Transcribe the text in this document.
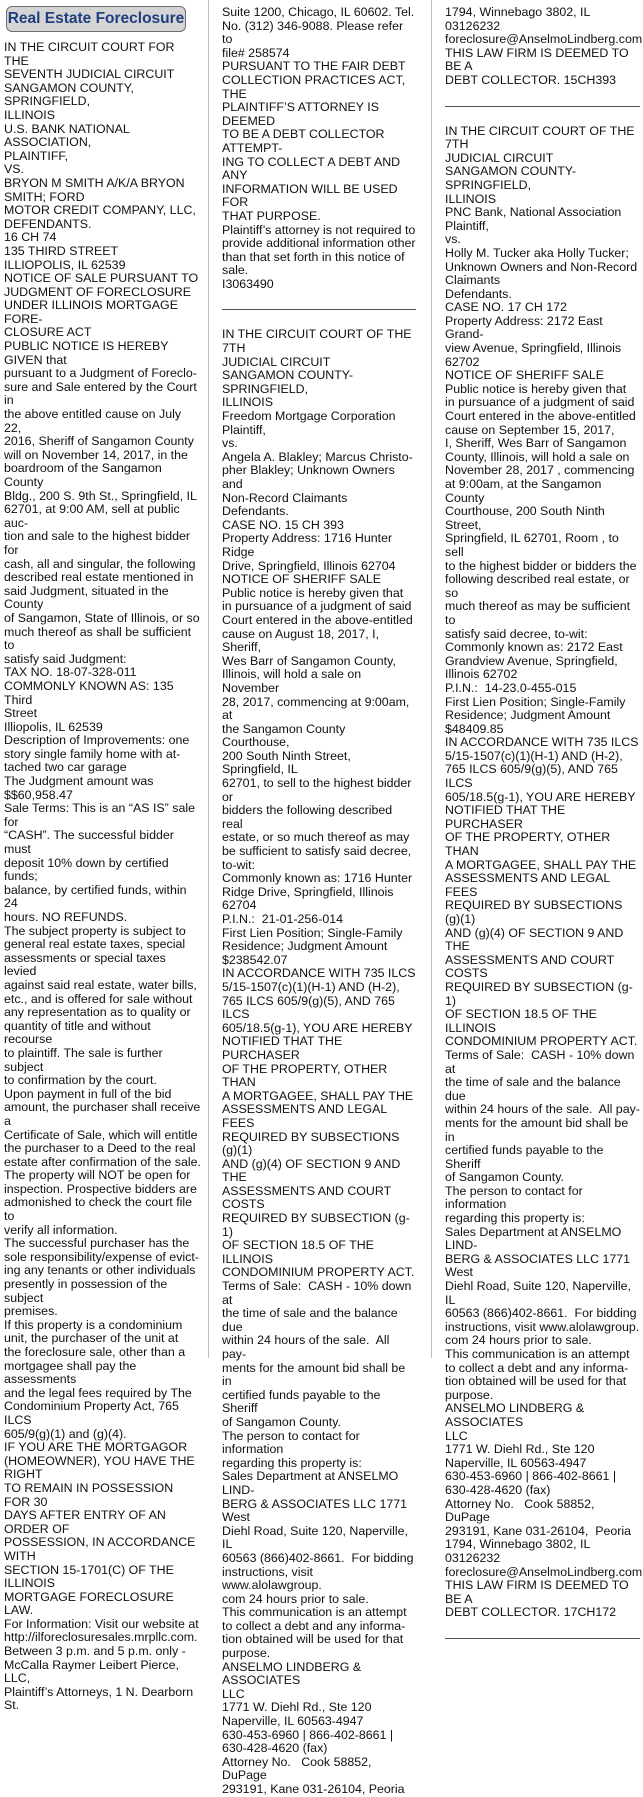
Real Estate Foreclosure
IN THE CIRCUIT COURT FOR THE
SEVENTH JUDICIAL CIRCUIT
SANGAMON COUNTY, SPRINGFIELD,
ILLINOIS
U.S. BANK NATIONAL ASSOCIATION,
PLAINTIFF,
VS.
BRYON M SMITH A/K/A BRYON
SMITH; FORD
MOTOR CREDIT COMPANY, LLC,
DEFENDANTS.
16 CH 74
135 THIRD STREET
ILLIOPOLIS, IL 62539
NOTICE OF SALE PURSUANT TO
JUDGMENT OF FORECLOSURE
UNDER ILLINOIS MORTGAGE FORE-
CLOSURE ACT
PUBLIC NOTICE IS HEREBY GIVEN that
pursuant to a Judgment of Foreclo-
sure and Sale entered by the Court in
the above entitled cause on July 22,
2016, Sheriff of Sangamon County
will on November 14, 2017, in the
boardroom of the Sangamon County
Bldg., 200 S. 9th St., Springfield, IL
62701, at 9:00 AM, sell at public auc-
tion and sale to the highest bidder for
cash, all and singular, the following
described real estate mentioned in
said Judgment, situated in the County
of Sangamon, State of Illinois, or so
much thereof as shall be sufficient to
satisfy said Judgment:
TAX NO. 18-07-328-011
COMMONLY KNOWN AS: 135 Third
Street
Illiopolis, IL 62539
Description of Improvements: one
story single family home with at-
tached two car garage
The Judgment amount was
$$60,958.47
Sale Terms: This is an “AS IS” sale for
“CASH”. The successful bidder must
deposit 10% down by certified funds;
balance, by certified funds, within 24
hours. NO REFUNDS.
The subject property is subject to
general real estate taxes, special
assessments or special taxes levied
against said real estate, water bills,
etc., and is offered for sale without
any representation as to quality or
quantity of title and without recourse
to plaintiff. The sale is further subject
to confirmation by the court.
Upon payment in full of the bid
amount, the purchaser shall receive a
Certificate of Sale, which will entitle
the purchaser to a Deed to the real
estate after confirmation of the sale.
The property will NOT be open for
inspection. Prospective bidders are
admonished to check the court file to
verify all information.
The successful purchaser has the
sole responsibility/expense of evict-
ing any tenants or other individuals
presently in possession of the subject
premises.
If this property is a condominium
unit, the purchaser of the unit at
the foreclosure sale, other than a
mortgagee shall pay the assessments
and the legal fees required by The
Condominium Property Act, 765 ILCS
605/9(g)(1) and (g)(4).
IF YOU ARE THE MORTGAGOR
(HOMEOWNER), YOU HAVE THE RIGHT
TO REMAIN IN POSSESSION FOR 30
DAYS AFTER ENTRY OF AN ORDER OF
POSSESSION, IN ACCORDANCE WITH
SECTION 15-1701(C) OF THE ILLINOIS
MORTGAGE FORECLOSURE LAW.
For Information: Visit our website at
http://ilforeclosuresales.mrpllc.com.
Between 3 p.m. and 5 p.m. only -
McCalla Raymer Leibert Pierce, LLC,
Plaintiff’s Attorneys, 1 N. Dearborn St.
Suite 1200, Chicago, IL 60602. Tel.
No. (312) 346-9088. Please refer to
file# 258574
PURSUANT TO THE FAIR DEBT
COLLECTION PRACTICES ACT, THE
PLAINTIFF’S ATTORNEY IS DEEMED
TO BE A DEBT COLLECTOR ATTEMPT-
ING TO COLLECT A DEBT AND ANY
INFORMATION WILL BE USED FOR
THAT PURPOSE.
Plaintiff’s attorney is not required to
provide additional information other
than that set forth in this notice of
sale.
I3063490
IN THE CIRCUIT COURT OF THE 7TH
JUDICIAL CIRCUIT
SANGAMON COUNTY- SPRINGFIELD,
ILLINOIS
Freedom Mortgage Corporation
Plaintiff,
vs.
Angela A. Blakley; Marcus Christo-
pher Blakley; Unknown Owners and
Non-Record Claimants
Defendants.
CASE NO. 15 CH 393
Property Address: 1716 Hunter Ridge
Drive, Springfield, Illinois 62704
NOTICE OF SHERIFF SALE
Public notice is hereby given that
in pursuance of a judgment of said
Court entered in the above-entitled
cause on August 18, 2017, I, Sheriff,
Wes Barr of Sangamon County,
Illinois, will hold a sale on November
28, 2017, commencing at 9:00am, at
the Sangamon County Courthouse,
200 South Ninth Street, Springfield, IL
62701, to sell to the highest bidder or
bidders the following described real
estate, or so much thereof as may
be sufficient to satisfy said decree,
to-wit:
Commonly known as: 1716 Hunter
Ridge Drive, Springfield, Illinois
62704
P.I.N.:  21-01-256-014
First Lien Position; Single-Family
Residence; Judgment Amount
$238542.07
IN ACCORDANCE WITH 735 ILCS
5/15-1507(c)(1)(H-1) AND (H-2),
765 ILCS 605/9(g)(5), AND 765 ILCS
605/18.5(g-1), YOU ARE HEREBY
NOTIFIED THAT THE PURCHASER
OF THE PROPERTY, OTHER THAN
A MORTGAGEE, SHALL PAY THE
ASSESSMENTS AND LEGAL FEES
REQUIRED BY SUBSECTIONS (g)(1)
AND (g)(4) OF SECTION 9 AND THE
ASSESSMENTS AND COURT COSTS
REQUIRED BY SUBSECTION (g-1)
OF SECTION 18.5 OF THE ILLINOIS
CONDOMINIUM PROPERTY ACT.
Terms of Sale:  CASH - 10% down at
the time of sale and the balance due
within 24 hours of the sale.  All pay-
ments for the amount bid shall be in
certified funds payable to the Sheriff
of Sangamon County.
The person to contact for information
regarding this property is:
Sales Department at ANSELMO LIND-
BERG & ASSOCIATES LLC 1771 West
Diehl Road, Suite 120, Naperville, IL
60563 (866)402-8661.  For bidding
instructions, visit www.alolawgroup.
com 24 hours prior to sale.
This communication is an attempt
to collect a debt and any informa-
tion obtained will be used for that
purpose.
ANSELMO LINDBERG & ASSOCIATES
LLC
1771 W. Diehl Rd., Ste 120
Naperville, IL 60563-4947
630-453-6960 | 866-402-8661 |
630-428-4620 (fax)
Attorney No.   Cook 58852, DuPage
293191, Kane 031-26104, Peoria
1794, Winnebago 3802, IL 03126232
foreclosure@AnselmoLindberg.com
THIS LAW FIRM IS DEEMED TO BE A
DEBT COLLECTOR. 15CH393
IN THE CIRCUIT COURT OF THE 7TH
JUDICIAL CIRCUIT
SANGAMON COUNTY- SPRINGFIELD,
ILLINOIS
PNC Bank, National Association
Plaintiff,
vs.
Holly M. Tucker aka Holly Tucker;
Unknown Owners and Non-Record
Claimants
Defendants.
CASE NO. 17 CH 172
Property Address: 2172 East Grand-
view Avenue, Springfield, Illinois
62702
NOTICE OF SHERIFF SALE
Public notice is hereby given that
in pursuance of a judgment of said
Court entered in the above-entitled
cause on September 15, 2017,
I, Sheriff, Wes Barr of Sangamon
County, Illinois, will hold a sale on
November 28, 2017 , commencing
at 9:00am, at the Sangamon County
Courthouse, 200 South Ninth Street,
Springfield, IL 62701, Room , to sell
to the highest bidder or bidders the
following described real estate, or so
much thereof as may be sufficient to
satisfy said decree, to-wit:
Commonly known as: 2172 East
Grandview Avenue, Springfield,
Illinois 62702
P.I.N.:  14-23.0-455-015
First Lien Position; Single-Family
Residence; Judgment Amount
$48409.85
IN ACCORDANCE WITH 735 ILCS
5/15-1507(c)(1)(H-1) AND (H-2),
765 ILCS 605/9(g)(5), AND 765 ILCS
605/18.5(g-1), YOU ARE HEREBY
NOTIFIED THAT THE PURCHASER
OF THE PROPERTY, OTHER THAN
A MORTGAGEE, SHALL PAY THE
ASSESSMENTS AND LEGAL FEES
REQUIRED BY SUBSECTIONS (g)(1)
AND (g)(4) OF SECTION 9 AND THE
ASSESSMENTS AND COURT COSTS
REQUIRED BY SUBSECTION (g-1)
OF SECTION 18.5 OF THE ILLINOIS
CONDOMINIUM PROPERTY ACT.
Terms of Sale:  CASH - 10% down at
the time of sale and the balance due
within 24 hours of the sale.  All pay-
ments for the amount bid shall be in
certified funds payable to the Sheriff
of Sangamon County.
The person to contact for information
regarding this property is:
Sales Department at ANSELMO LIND-
BERG & ASSOCIATES LLC 1771 West
Diehl Road, Suite 120, Naperville, IL
60563 (866)402-8661.  For bidding
instructions, visit www.alolawgroup.
com 24 hours prior to sale.
This communication is an attempt
to collect a debt and any informa-
tion obtained will be used for that
purpose.
ANSELMO LINDBERG & ASSOCIATES
LLC
1771 W. Diehl Rd., Ste 120
Naperville, IL 60563-4947
630-453-6960 | 866-402-8661 |
630-428-4620 (fax)
Attorney No.   Cook 58852, DuPage
293191, Kane 031-26104,  Peoria
1794, Winnebago 3802, IL 03126232
foreclosure@AnselmoLindberg.com
THIS LAW FIRM IS DEEMED TO BE A
DEBT COLLECTOR. 17CH172
